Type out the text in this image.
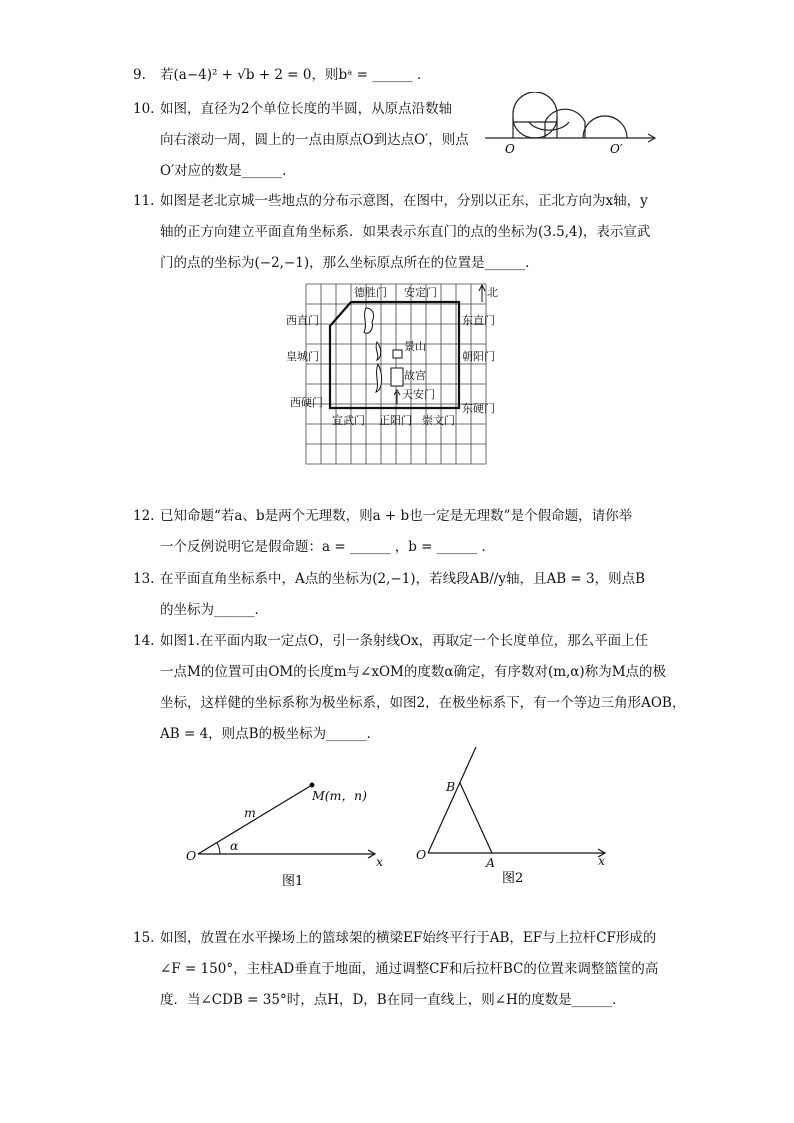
9.	若(a−4)² + √b + 2 = 0，则bᵃ = ______ ．
10. 如图，直径为2个单位长度的半圆，从原点沿数轴
向右滚动一周，圆上的一点由原点O到达点O′，则点
O′对应的数是______.
O	O′
11. 如图是老北京城一些地点的分布示意图，在图中，分别以正东，正北方向为x轴，y
轴的正方向建立平面直角坐标系．如果表示东直门的点的坐标为(3.5,4)，表示宣武
门的点的坐标为(−2,−1)，那么坐标原点所在的位置是______.
北
德胜门 安定门
西直门	东直门
皇城门	朝阳门
景山
故宫
天安门
西硬门	东硬门
宣武门 正阳门 崇文门
12. 已知命题“若a、b是两个无理数，则a + b也一定是无理数”是个假命题，请你举
一个反例说明它是假命题：a = ______ ，b = ______ ．
13. 在平面直角坐标系中，A点的坐标为(2,−1)，若线段AB//y轴，且AB = 3，则点B
的坐标为______．
14. 如图1.在平面内取一定点O，引一条射线Ox，再取定一个长度单位，那么平面上任
一点M的位置可由OM的长度m与∠xOM的度数α确定，有序数对(m,α)称为M点的极
坐标，这样健的坐标系称为极坐标系，如图2，在极坐标系下，有一个等边三角形AOB，
AB = 4，则点B的极坐标为______．
O	x
m
α
M(m，n)
图1
O
A
B
x
图2
15. 如图，放置在水平操场上的篮球架的横梁EF始终平行于AB，EF与上拉杆CF形成的
∠F = 150°，主柱AD垂直于地面，通过调整CF和后拉杆BC的位置来调整篮筐的高
度．当∠CDB = 35°时，点H，D，B在同一直线上，则∠H的度数是______．
